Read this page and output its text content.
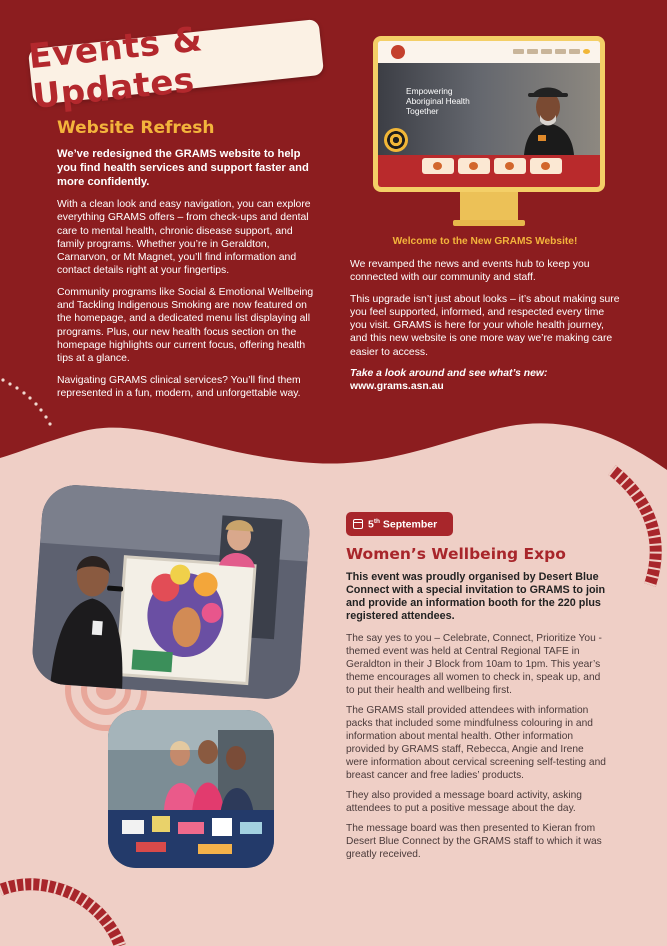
Events & Updates
Website Refresh

We’ve redesigned the GRAMS website to help you find health services and support faster and more confidently.

With a clean look and easy navigation, you can explore everything GRAMS offers – from check-ups and dental care to mental health, chronic disease support, and family programs. Whether you’re in Geraldton, Carnarvon, or Mt Magnet, you’ll find information and contact details right at your fingertips.

Community programs like Social & Emotional Wellbeing and Tackling Indigenous Smoking are now featured on the homepage, and a dedicated menu list displaying all programs. Plus, our new health focus section on the homepage highlights our current focus, offering health tips at a glance.

Navigating GRAMS clinical services? You’ll find them represented in a fun, modern, and unforgettable way.

Empowering
Aboriginal Health
Together
Welcome to the New GRAMS Website!

We revamped the news and events hub to keep you connected with our community and staff.

This upgrade isn’t just about looks – it’s about making sure you feel supported, informed, and respected every time you visit. GRAMS is here for your whole health journey, and this new website is one more way we’re making care easier to access.

Take a look around and see what’s new:

www.grams.asn.au

5th September
Women’s Wellbeing Expo

This event was proudly organised by Desert Blue Connect with a special invitation to GRAMS to join and provide an information booth for the 220 plus registered attendees.

The say yes to you – Celebrate, Connect, Prioritize You - themed event was held at Central Regional TAFE in Geraldton in their J Block from 10am to 1pm. This year’s theme encourages all women to check in, speak up, and to put their health and wellbeing first.

The GRAMS stall provided attendees with information packs that included some mindfulness colouring in and information about mental health. Other information provided by GRAMS staff, Rebecca, Angie and Irene were information about cervical screening self-testing and breast cancer and free ladies’ products.

They also provided a message board activity, asking attendees to put a positive message about the day.

The message board was then presented to Kieran from Desert Blue Connect by the GRAMS staff to which it was greatly received.
